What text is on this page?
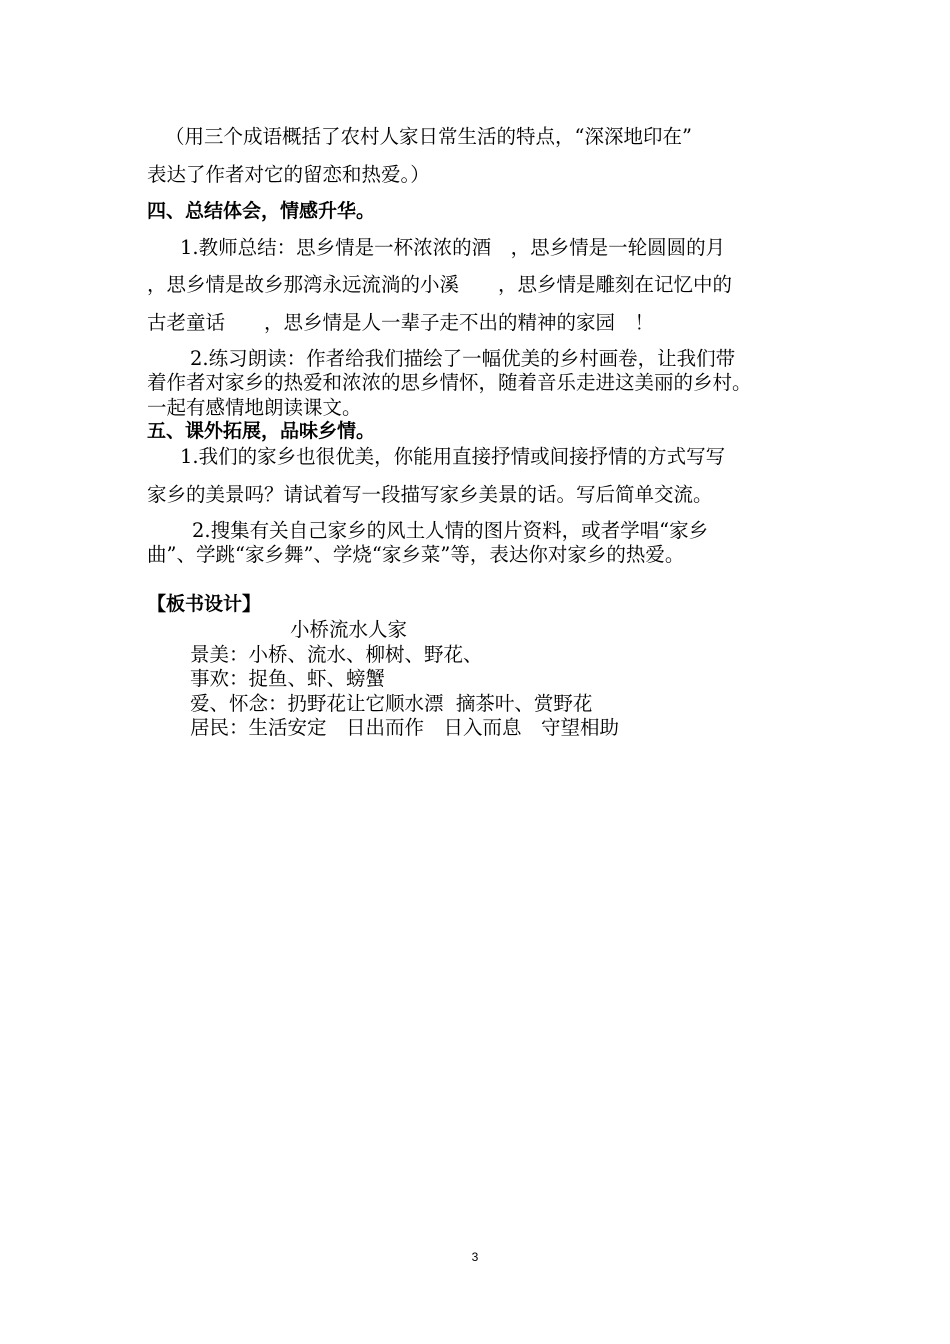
（用三个成语概括了农村人家日常生活的特点，“深深地印在”
表达了作者对它的留恋和热爱。）
四、总结体会，情感升华。
1.教师总结：思乡情是一杯浓浓的酒　，思乡情是一轮圆圆的月
，思乡情是故乡那湾永远流淌的小溪　　，思乡情是雕刻在记忆中的
古老童话　　，思乡情是人一辈子走不出的精神的家园　！
2.练习朗读：作者给我们描绘了一幅优美的乡村画卷，让我们带
着作者对家乡的热爱和浓浓的思乡情怀，随着音乐走进这美丽的乡村。
一起有感情地朗读课文。
五、课外拓展，品味乡情。
1.我们的家乡也很优美，你能用直接抒情或间接抒情的方式写写
家乡的美景吗？请试着写一段描写家乡美景的话。写后简单交流。
2.搜集有关自己家乡的风土人情的图片资料，或者学唱“家乡
曲”、学跳“家乡舞”、学烧“家乡菜”等，表达你对家乡的热爱。
【板书设计】
小桥流水人家
景美：小桥、流水、柳树、野花、
事欢：捉鱼、虾、螃蟹
爱、怀念：扔野花让它顺水漂  摘茶叶、赏野花
居民：生活安定　日出而作　日入而息　守望相助
3
